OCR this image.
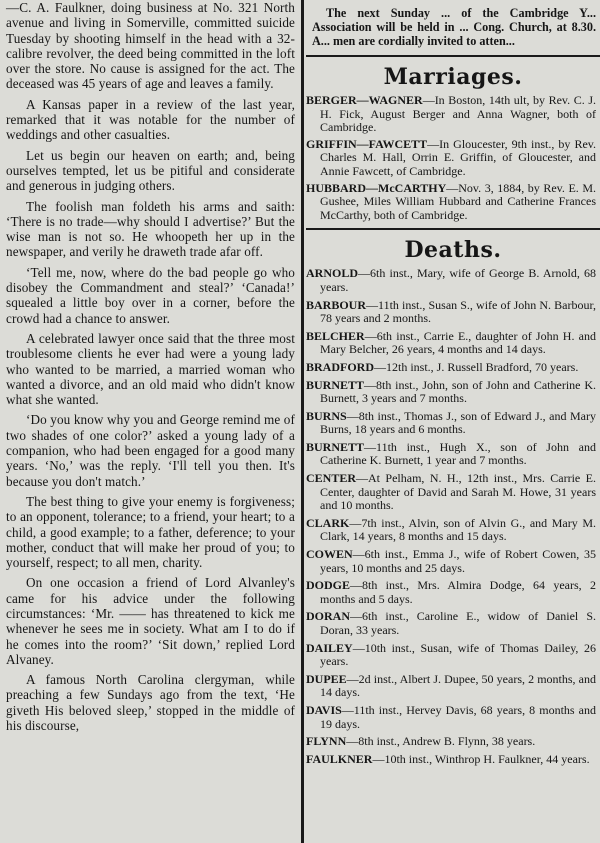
—C. A. Faulkner, doing business at No. 321 North avenue and living in Somerville, committed suicide Tuesday by shooting himself in the head with a 32-calibre revolver, the deed being committed in the loft over the store. No cause is assigned for the act. The deceased was 45 years of age and leaves a family.

A Kansas paper in a review of the last year, remarked that it was notable for the number of weddings and other casualties.

Let us begin our heaven on earth; and, being ourselves tempted, let us be pitiful and considerate and generous in judging others.

The foolish man foldeth his arms and saith: ‘There is no trade—why should I advertise?’ But the wise man is not so. He whoopeth her up in the newspaper, and verily he draweth trade afar off.

‘Tell me, now, where do the bad people go who disobey the Commandment and steal?’ ‘Canada!’ squealed a little boy over in a corner, before the crowd had a chance to answer.

A celebrated lawyer once said that the three most troublesome clients he ever had were a young lady who wanted to be married, a married woman who wanted a divorce, and an old maid who didn't know what she wanted.

‘Do you know why you and George remind me of two shades of one color?’ asked a young lady of a companion, who had been engaged for a good many years. ‘No,’ was the reply. ‘I'll tell you then. It's because you don't match.’

The best thing to give your enemy is forgiveness; to an opponent, tolerance; to a friend, your heart; to a child, a good example; to a father, deference; to your mother, conduct that will make her proud of you; to yourself, respect; to all men, charity.

On one occasion a friend of Lord Alvanley's came for his advice under the following circumstances: ‘Mr. —— has threatened to kick me whenever he sees me in society. What am I to do if he comes into the room?’ ‘Sit down,’ replied Lord Alvaney.

A famous North Carolina clergyman, while preaching a few Sundays ago from the text, ‘He giveth His beloved sleep,’ stopped in the middle of his discourse,

The next Sunday ... of the Cambridge Y... Association will be held in ... Cong. Church, at 8.30. A... men are cordially invited to atten...
Marriages.

BERGER—WAGNER—In Boston, 14th ult, by Rev. C. J. H. Fick, August Berger and Anna Wagner, both of Cambridge.

GRIFFIN—FAWCETT—In Gloucester, 9th inst., by Rev. Charles M. Hall, Orrin E. Griffin, of Gloucester, and Annie Fawcett, of Cambridge.

HUBBARD—McCARTHY—Nov. 3, 1884, by Rev. E. M. Gushee, Miles William Hubbard and Catherine Frances McCarthy, both of Cambridge.

Deaths.

ARNOLD—6th inst., Mary, wife of George B. Arnold, 68 years.

BARBOUR—11th inst., Susan S., wife of John N. Barbour, 78 years and 2 months.

BELCHER—6th inst., Carrie E., daughter of John H. and Mary Belcher, 26 years, 4 months and 14 days.

BRADFORD—12th inst., J. Russell Bradford, 70 years.

BURNETT—8th inst., John, son of John and Catherine K. Burnett, 3 years and 7 months.

BURNS—8th inst., Thomas J., son of Edward J., and Mary Burns, 18 years and 6 months.

BURNETT—11th inst., Hugh X., son of John and Catherine K. Burnett, 1 year and 7 months.

CENTER—At Pelham, N. H., 12th inst., Mrs. Carrie E. Center, daughter of David and Sarah M. Howe, 31 years and 10 months.

CLARK—7th inst., Alvin, son of Alvin G., and Mary M. Clark, 14 years, 8 months and 15 days.

COWEN—6th inst., Emma J., wife of Robert Cowen, 35 years, 10 months and 25 days.

DODGE—8th inst., Mrs. Almira Dodge, 64 years, 2 months and 5 days.

DORAN—6th inst., Caroline E., widow of Daniel S. Doran, 33 years.

DAILEY—10th inst., Susan, wife of Thomas Dailey, 26 years.

DUPEE—2d inst., Albert J. Dupee, 50 years, 2 months, and 14 days.

DAVIS—11th inst., Hervey Davis, 68 years, 8 months and 19 days.

FLYNN—8th inst., Andrew B. Flynn, 38 years.

FAULKNER—10th inst., Winthrop H. Faulkner, 44 years.
